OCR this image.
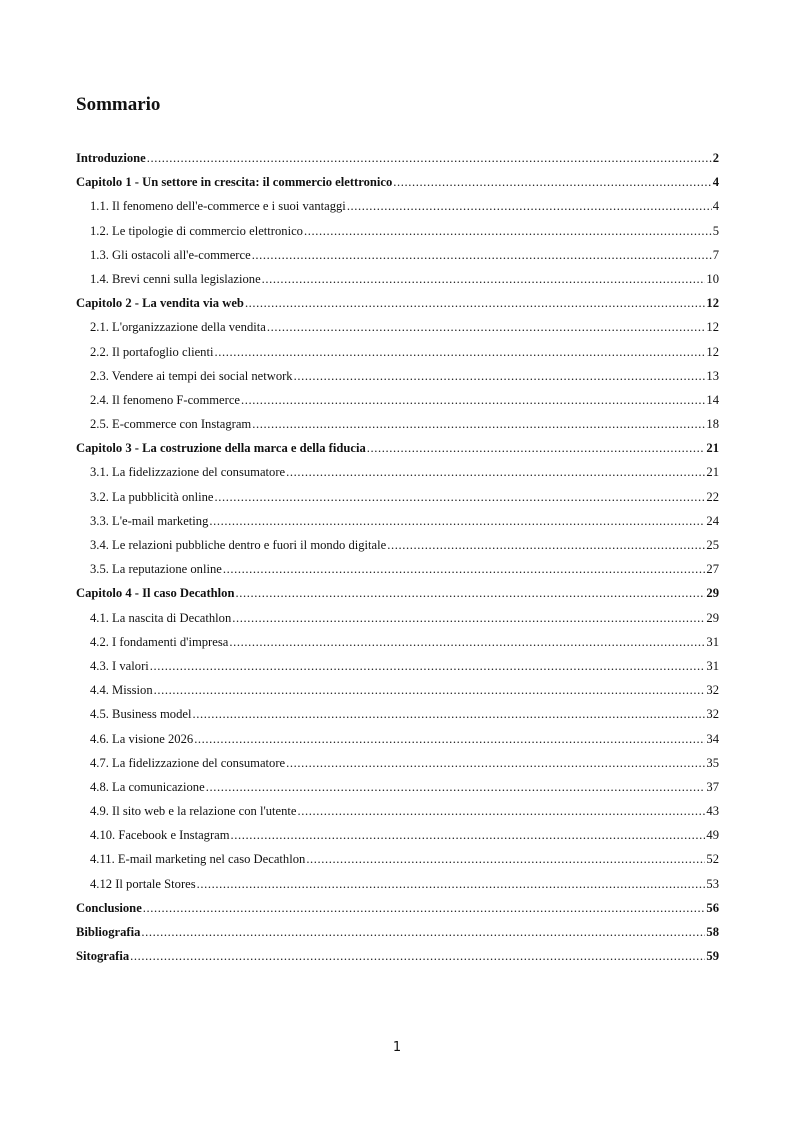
Sommario
Introduzione .....	2
Capitolo 1 - Un settore in crescita: il commercio elettronico .....	4
1.1. Il fenomeno dell'e-commerce e i suoi vantaggi .....	4
1.2. Le tipologie di commercio elettronico .....	5
1.3. Gli ostacoli all'e-commerce .....	7
1.4. Brevi cenni sulla legislazione .....	10
Capitolo 2 - La vendita via web .....	12
2.1. L'organizzazione della vendita .....	12
2.2. Il portafoglio clienti .....	12
2.3. Vendere ai tempi dei social network .....	13
2.4. Il fenomeno F-commerce .....	14
2.5. E-commerce con Instagram .....	18
Capitolo 3 - La costruzione della marca e della fiducia .....	21
3.1. La fidelizzazione del consumatore .....	21
3.2. La pubblicità online .....	22
3.3. L'e-mail marketing .....	24
3.4. Le relazioni pubbliche dentro e fuori il mondo digitale .....	25
3.5. La reputazione online .....	27
Capitolo 4 - Il caso Decathlon .....	29
4.1. La nascita di Decathlon .....	29
4.2. I fondamenti d'impresa .....	31
4.3. I valori .....	31
4.4. Mission .....	32
4.5. Business model .....	32
4.6. La visione 2026 .....	34
4.7. La fidelizzazione del consumatore .....	35
4.8. La comunicazione .....	37
4.9. Il sito web e la relazione con l'utente .....	43
4.10. Facebook e Instagram .....	49
4.11. E-mail marketing nel caso Decathlon .....	52
4.12 Il portale Stores .....	53
Conclusione .....	56
Bibliografia .....	58
Sitografia .....	59
1
